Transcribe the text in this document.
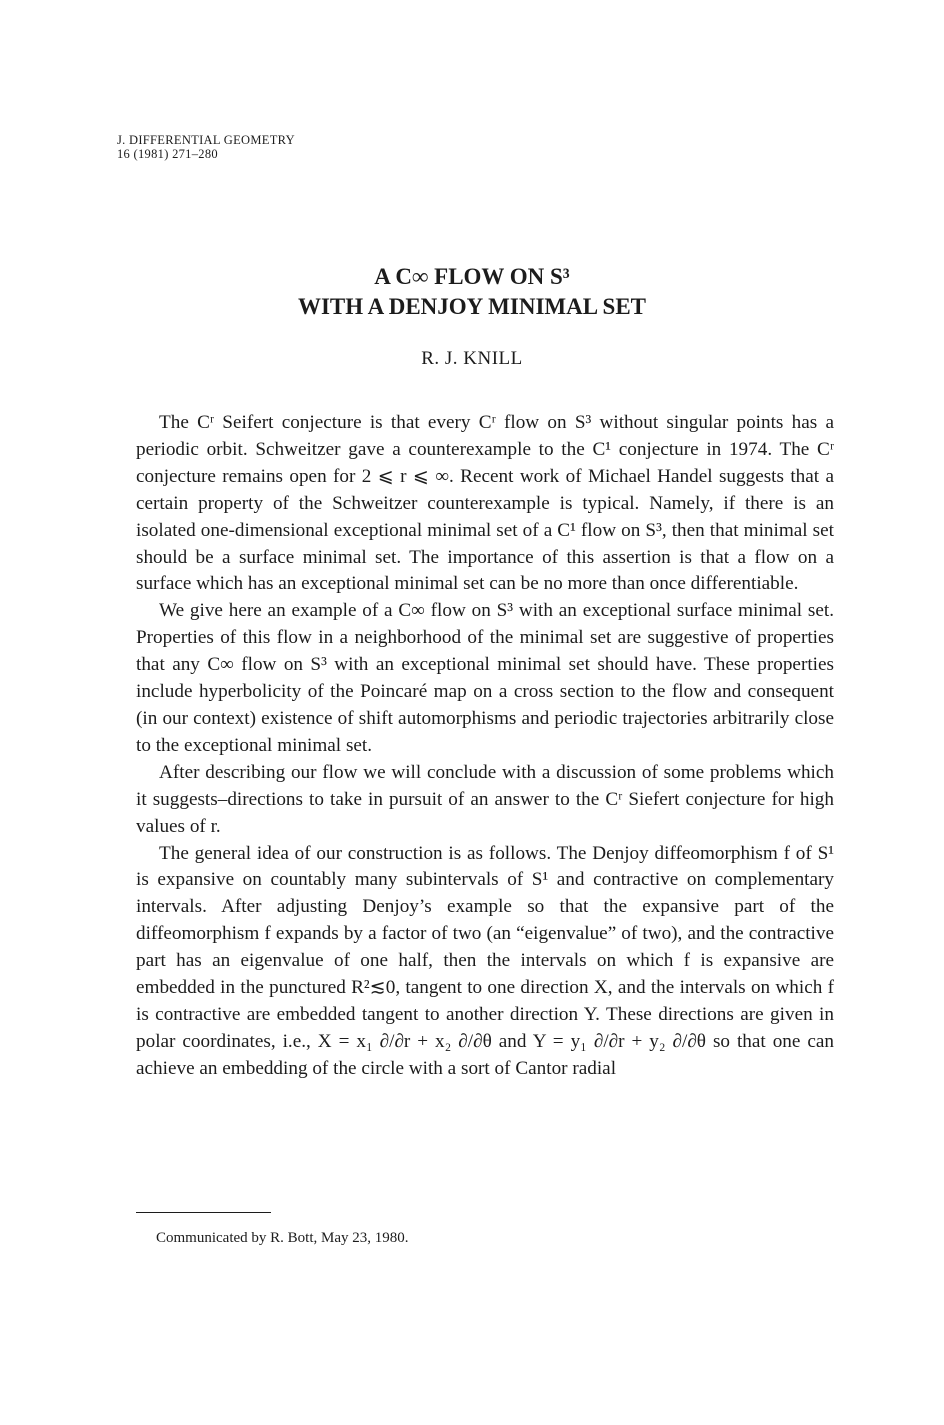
J. DIFFERENTIAL GEOMETRY
16 (1981) 271–280
A C∞ FLOW ON S³
WITH A DENJOY MINIMAL SET
R. J. KNILL

The Cʳ Seifert conjecture is that every Cʳ flow on S³ without singular points has a periodic orbit. Schweitzer gave a counterexample to the C¹ conjecture in 1974. The Cʳ conjecture remains open for 2 ⩽ r ⩽ ∞. Recent work of Michael Handel suggests that a certain property of the Schweitzer counterexample is typical. Namely, if there is an isolated one-dimensional exceptional minimal set of a C¹ flow on S³, then that minimal set should be a surface minimal set. The importance of this assertion is that a flow on a surface which has an exceptional minimal set can be no more than once differentiable.

We give here an example of a C∞ flow on S³ with an exceptional surface minimal set. Properties of this flow in a neighborhood of the minimal set are suggestive of properties that any C∞ flow on S³ with an exceptional minimal set should have. These properties include hyperbolicity of the Poincaré map on a cross section to the flow and consequent (in our context) existence of shift automorphisms and periodic trajectories arbitrarily close to the exceptional minimal set.

After describing our flow we will conclude with a discussion of some problems which it suggests–directions to take in pursuit of an answer to the Cʳ Siefert conjecture for high values of r.

The general idea of our construction is as follows. The Denjoy diffeomorphism f of S¹ is expansive on countably many subintervals of S¹ and contractive on complementary intervals. After adjusting Denjoy’s example so that the expansive part of the diffeomorphism f expands by a factor of two (an “eigenvalue” of two), and the contractive part has an eigenvalue of one half, then the intervals on which f is expansive are embedded in the punctured R²≲0, tangent to one direction X, and the intervals on which f is contractive are embedded tangent to another direction Y. These directions are given in polar coordinates, i.e., X = x₁ ∂/∂r + x₂ ∂/∂θ and Y = y₁ ∂/∂r + y₂ ∂/∂θ so that one can achieve an embedding of the circle with a sort of Cantor radial

Communicated by R. Bott, May 23, 1980.
